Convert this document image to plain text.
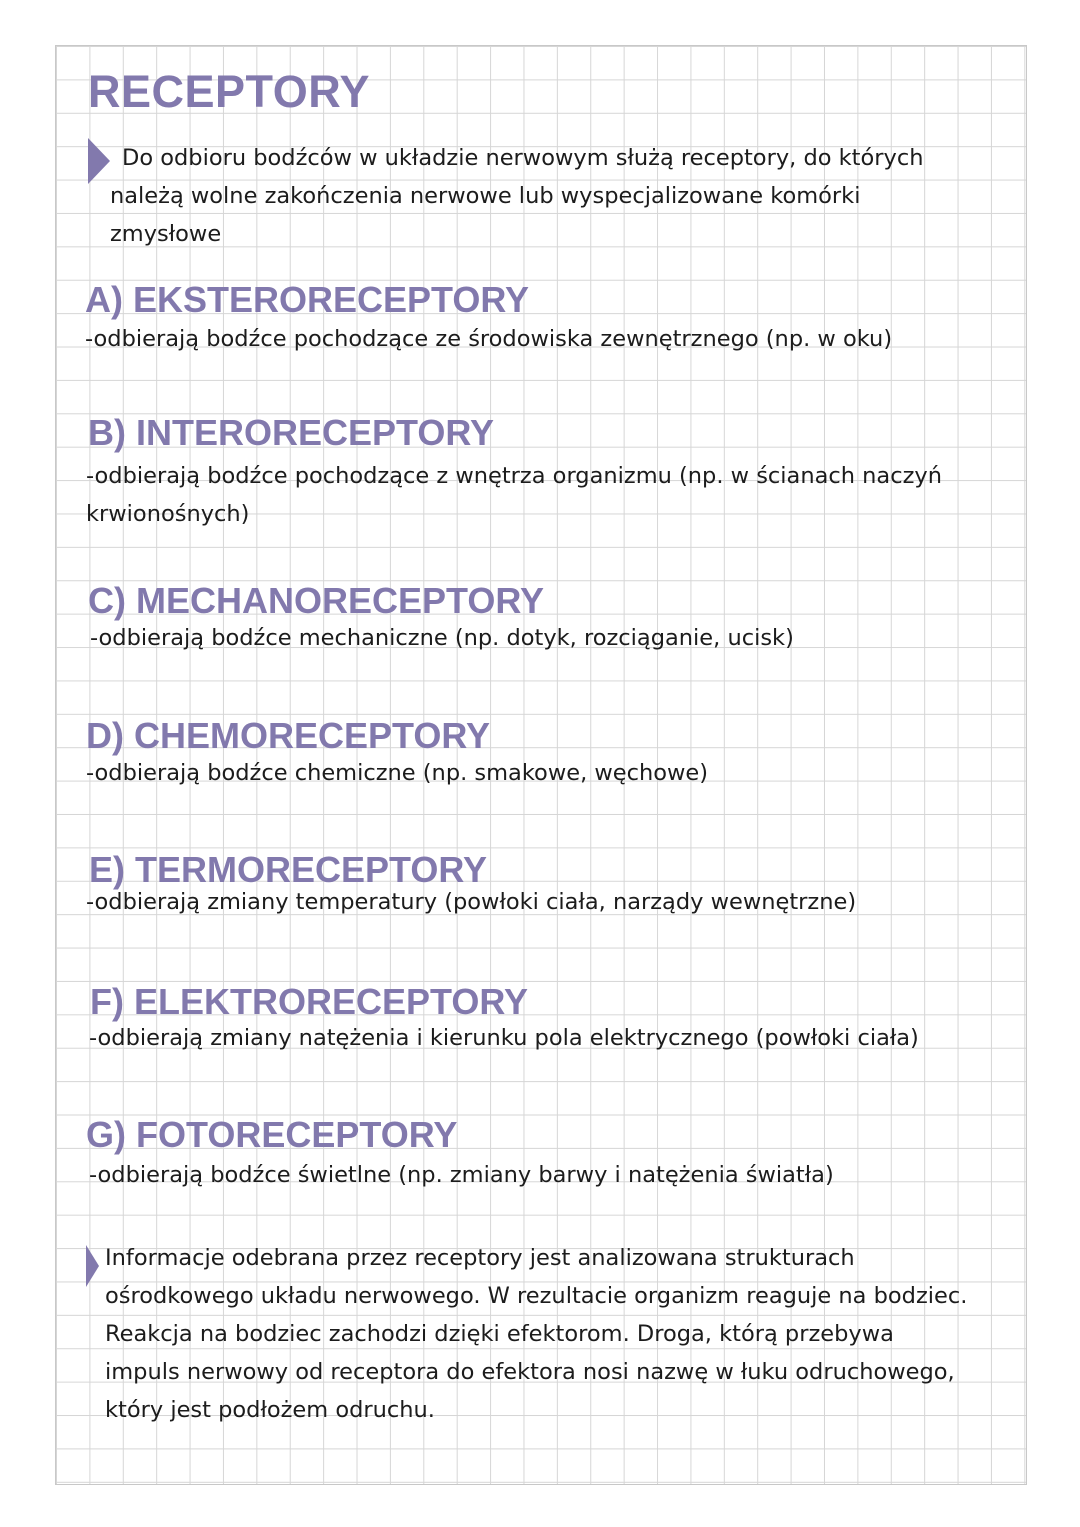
RECEPTORY
Do odbioru bodźców w układzie nerwowym służą receptory, do których
należą wolne zakończenia nerwowe lub wyspecjalizowane komórki
zmysłowe
A) EKSTERORECEPTORY

-odbierają bodźce pochodzące ze środowiska zewnętrznego (np. w oku)

B) INTERORECEPTORY

-odbierają bodźce pochodzące z wnętrza organizmu (np. w ścianach naczyń krwionośnych)

C) MECHANORECEPTORY

-odbierają bodźce mechaniczne (np. dotyk, rozciąganie, ucisk)

D) CHEMORECEPTORY

-odbierają bodźce chemiczne (np. smakowe, węchowe)

E) TERMORECEPTORY

-odbierają zmiany temperatury (powłoki ciała, narządy wewnętrzne)

F) ELEKTRORECEPTORY

-odbierają zmiany natężenia i kierunku pola elektrycznego (powłoki ciała)

G) FOTORECEPTORY

-odbierają bodźce świetlne (np. zmiany barwy i natężenia światła)

Informacje odebrana przez receptory jest analizowana strukturach
ośrodkowego układu nerwowego. W rezultacie organizm reaguje na bodziec.
Reakcja na bodziec zachodzi dzięki efektorom. Droga, którą przebywa
impuls nerwowy od receptora do efektora nosi nazwę w łuku odruchowego,
który jest podłożem odruchu.
